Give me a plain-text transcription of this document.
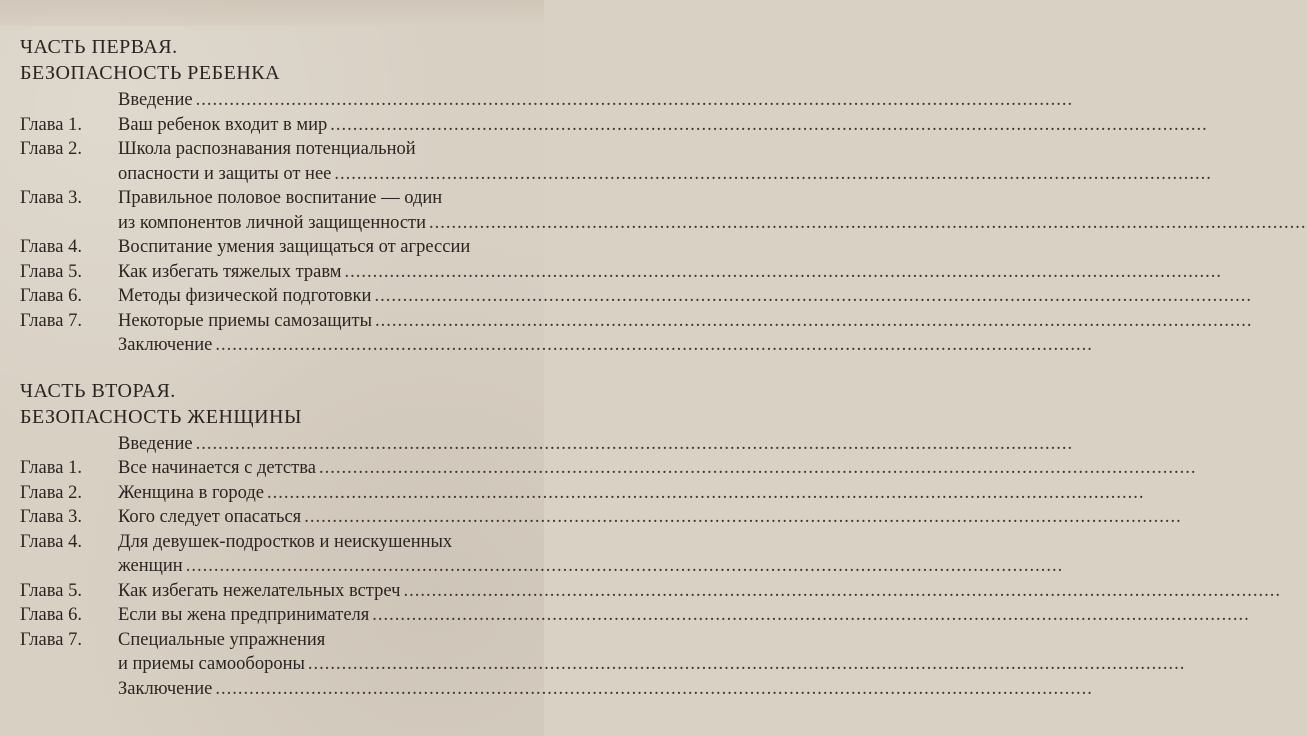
ЧАСТЬ ПЕРВАЯ.
БЕЗОПАСНОСТЬ РЕБЕНКА
Введение ............................................................................................................................................................
Глава 1.	Ваш ребенок входит в мир ............................................................................................................................................................
Глава 2.	Школа распознавания потенциальной
опасности и защиты от нее ............................................................................................................................................................
Глава 3.	Правильное половое воспитание — один
из компонентов личной защищенности ............................................................................................................................................................
Глава 4.	Воспитание умения защищаться от агрессии
Глава 5.	Как избегать тяжелых травм ............................................................................................................................................................
Глава 6.	Методы физической подготовки ............................................................................................................................................................
Глава 7.	Некоторые приемы самозащиты ............................................................................................................................................................
Заключение ............................................................................................................................................................
ЧАСТЬ ВТОРАЯ.
БЕЗОПАСНОСТЬ ЖЕНЩИНЫ
Введение ............................................................................................................................................................
Глава 1.	Все начинается с детства ............................................................................................................................................................
Глава 2.	Женщина в городе ............................................................................................................................................................
Глава 3.	Кого следует опасаться ............................................................................................................................................................
Глава 4.	Для девушек-подростков и неискушенных
женщин ............................................................................................................................................................
Глава 5.	Как избегать нежелательных встреч ............................................................................................................................................................
Глава 6.	Если вы жена предпринимателя ............................................................................................................................................................
Глава 7.	Специальные упражнения
и приемы самообороны ............................................................................................................................................................
Заключение ............................................................................................................................................................
